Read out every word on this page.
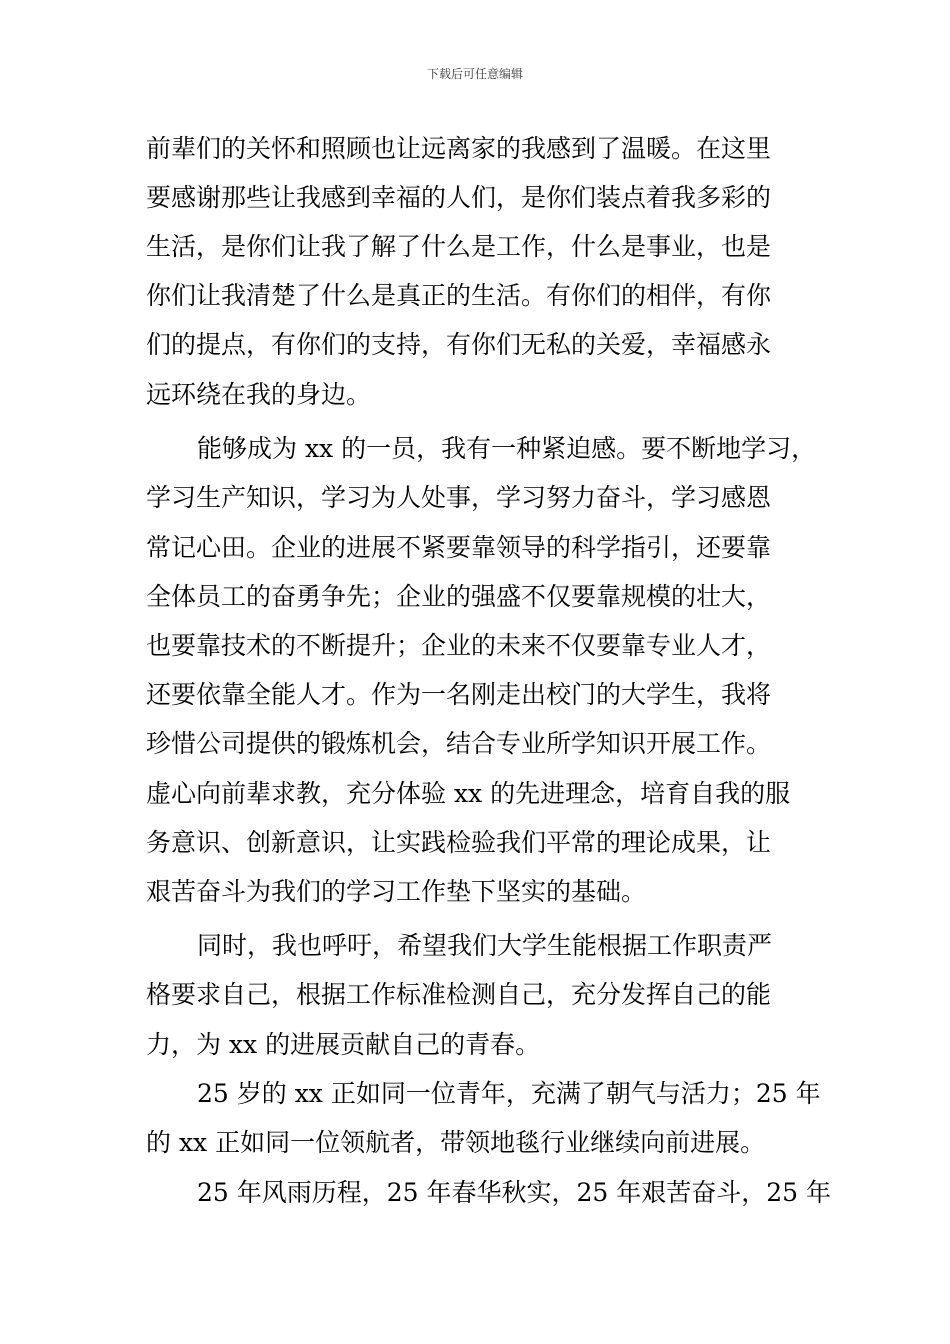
下载后可任意编辑
前辈们的关怀和照顾也让远离家的我感到了温暖。在这里
要感谢那些让我感到幸福的人们，是你们装点着我多彩的
生活，是你们让我了解了什么是工作，什么是事业，也是
你们让我清楚了什么是真正的生活。有你们的相伴，有你
们的提点，有你们的支持，有你们无私的关爱，幸福感永
远环绕在我的身边。
能够成为 xx 的一员，我有一种紧迫感。要不断地学习，
学习生产知识，学习为人处事，学习努力奋斗，学习感恩
常记心田。企业的进展不紧要靠领导的科学指引，还要靠
全体员工的奋勇争先；企业的强盛不仅要靠规模的壮大，
也要靠技术的不断提升；企业的未来不仅要靠专业人才，
还要依靠全能人才。作为一名刚走出校门的大学生，我将
珍惜公司提供的锻炼机会，结合专业所学知识开展工作。
虚心向前辈求教，充分体验 xx 的先进理念，培育自我的服
务意识、创新意识，让实践检验我们平常的理论成果，让
艰苦奋斗为我们的学习工作垫下坚实的基础。
同时，我也呼吁，希望我们大学生能根据工作职责严
格要求自己，根据工作标准检测自己，充分发挥自己的能
力，为 xx 的进展贡献自己的青春。
25 岁的 xx 正如同一位青年，充满了朝气与活力；25 年
的 xx 正如同一位领航者，带领地毯行业继续向前进展。
25 年风雨历程，25 年春华秋实，25 年艰苦奋斗，25 年
